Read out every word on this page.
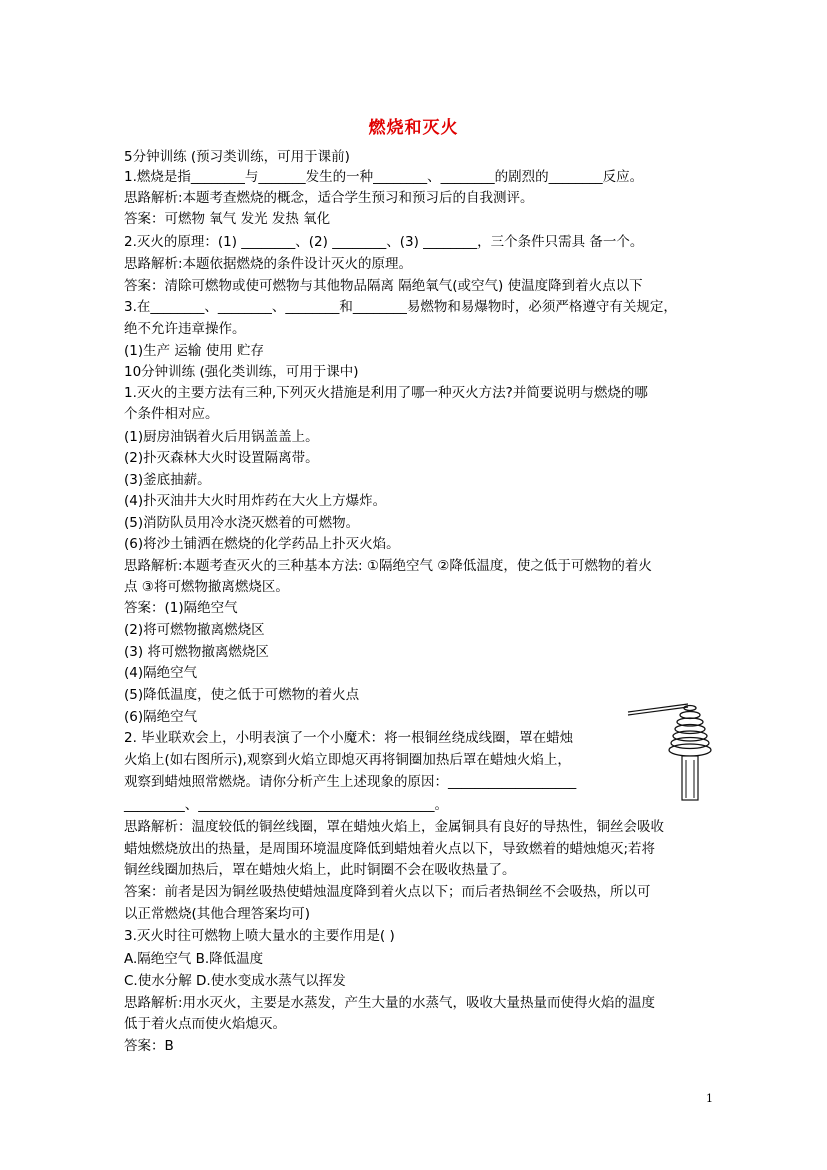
燃烧和灭火
5分钟训练 (预习类训练，可用于课前)
1.燃烧是指________与_______发生的一种________、________的剧烈的________反应。
思路解析:本题考查燃烧的概念，适合学生预习和预习后的自我测评。
答案：可燃物 氧气 发光 发热 氧化
2.灭火的原理：(1) ________、(2) ________、(3) ________，三个条件只需具 备一个。
思路解析:本题依据燃烧的条件设计灭火的原理。
答案：清除可燃物或使可燃物与其他物品隔离 隔绝氧气(或空气) 使温度降到着火点以下
3.在________、________、________和________易燃物和易爆物时，必须严格遵守有关规定，
绝不允许违章操作。
(1)生产 运输 使用 贮存
10分钟训练 (强化类训练，可用于课中)
1.灭火的主要方法有三种,下列灭火措施是利用了哪一种灭火方法?并简要说明与燃烧的哪
个条件相对应。
(1)厨房油锅着火后用锅盖盖上。
(2)扑灭森林大火时设置隔离带。
(3)釜底抽薪。
(4)扑灭油井大火时用炸药在大火上方爆炸。
(5)消防队员用冷水浇灭燃着的可燃物。
(6)将沙土铺洒在燃烧的化学药品上扑灭火焰。
思路解析:本题考查灭火的三种基本方法: ①隔绝空气 ②降低温度，使之低于可燃物的着火
点 ③将可燃物撤离燃烧区。
答案：(1)隔绝空气
(2)将可燃物撤离燃烧区
(3) 将可燃物撤离燃烧区
(4)隔绝空气
(5)降低温度，使之低于可燃物的着火点
(6)隔绝空气
2. 毕业联欢会上，小明表演了一个小魔术：将一根铜丝绕成线圈，罩在蜡烛
火焰上(如右图所示),观察到火焰立即熄灭再将铜圈加热后罩在蜡烛火焰上，
观察到蜡烛照常燃烧。请你分析产生上述现象的原因：___________________
_________、___________________________________。
思路解析：温度较低的铜丝线圈，罩在蜡烛火焰上，金属铜具有良好的导热性，铜丝会吸收
蜡烛燃烧放出的热量，是周围环境温度降低到蜡烛着火点以下，导致燃着的蜡烛熄灭;若将
铜丝线圈加热后，罩在蜡烛火焰上，此时铜圈不会在吸收热量了。
答案：前者是因为铜丝吸热使蜡烛温度降到着火点以下；而后者热铜丝不会吸热，所以可
以正常燃烧(其他合理答案均可)
3.灭火时往可燃物上喷大量水的主要作用是( )
A.隔绝空气 B.降低温度
C.使水分解 D.使水变成水蒸气以挥发
思路解析:用水灭火，主要是水蒸发，产生大量的水蒸气，吸收大量热量而使得火焰的温度
低于着火点而使火焰熄灭。
答案：B
1
